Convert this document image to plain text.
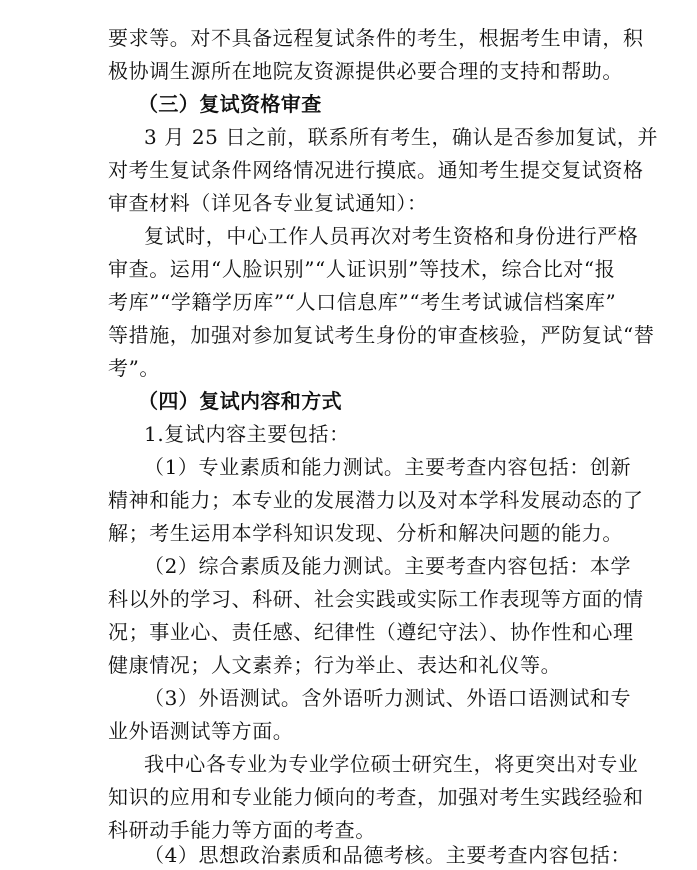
要求等。对不具备远程复试条件的考生，根据考生申请，积
极协调生源所在地院友资源提供必要合理的支持和帮助。
（三）复试资格审查
3 月 25 日之前，联系所有考生，确认是否参加复试，并
对考生复试条件网络情况进行摸底。通知考生提交复试资格
审查材料（详见各专业复试通知）：
复试时，中心工作人员再次对考生资格和身份进行严格
审查。运用“人脸识别”“人证识别”等技术，综合比对“报
考库”“学籍学历库”“人口信息库”“考生考试诚信档案库”
等措施，加强对参加复试考生身份的审查核验，严防复试“替
考”。
（四）复试内容和方式
1.复试内容主要包括：
（1）专业素质和能力测试。主要考查内容包括：创新
精神和能力；本专业的发展潜力以及对本学科发展动态的了
解；考生运用本学科知识发现、分析和解决问题的能力。
（2）综合素质及能力测试。主要考查内容包括：本学
科以外的学习、科研、社会实践或实际工作表现等方面的情
况；事业心、责任感、纪律性（遵纪守法）、协作性和心理
健康情况；人文素养；行为举止、表达和礼仪等。
（3）外语测试。含外语听力测试、外语口语测试和专
业外语测试等方面。
我中心各专业为专业学位硕士研究生，将更突出对专业
知识的应用和专业能力倾向的考查，加强对考生实践经验和
科研动手能力等方面的考查。
（4）思想政治素质和品德考核。主要考查内容包括：
